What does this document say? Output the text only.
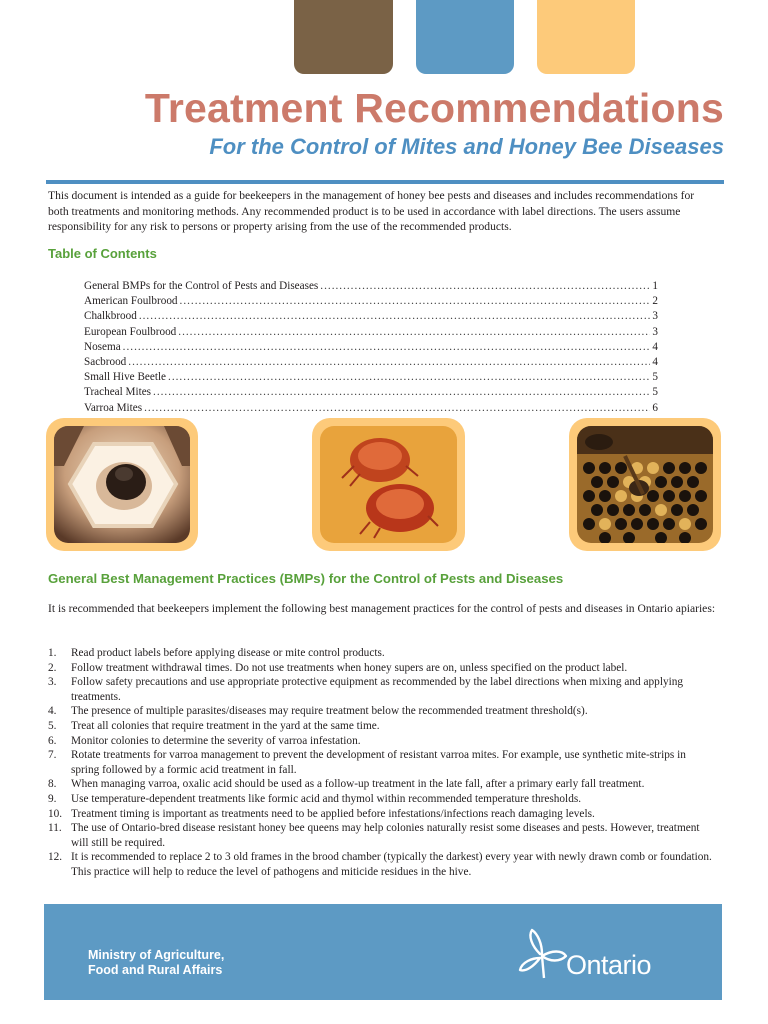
Treatment Recommendations
For the Control of Mites and Honey Bee Diseases

This document is intended as a guide for beekeepers in the management of honey bee pests and diseases and includes recommendations for both treatments and monitoring methods. Any recommended product is to be used in accordance with label directions. The users assume responsibility for any risk to persons or property arising from the use of the recommended products.

Table of Contents
General BMPs for the Control of Pests and Diseases .....	1
American Foulbrood .....	2
Chalkbrood .....	3
European Foulbrood .....	3
Nosema .....	4
Sacbrood .....	4
Small Hive Beetle .....	5
Tracheal Mites .....	5
Varroa Mites .....	6
General Best Management Practices (BMPs) for the Control of Pests and Diseases

It is recommended that beekeepers implement the following best management practices for the control of pests and diseases in Ontario apiaries:

1.	Read product labels before applying disease or mite control products.
2.	Follow treatment withdrawal times. Do not use treatments when honey supers are on, unless specified on the product label.
3.	Follow safety precautions and use appropriate protective equipment as recommended by the label directions when mixing and applying treatments.
4.	The presence of multiple parasites/diseases may require treatment below the recommended treatment threshold(s).
5.	Treat all colonies that require treatment in the yard at the same time.
6.	Monitor colonies to determine the severity of varroa infestation.
7.	Rotate treatments for varroa management to prevent the development of resistant varroa mites. For example, use synthetic mite-strips in spring followed by a formic acid treatment in fall.
8.	When managing varroa, oxalic acid should be used as a follow-up treatment in the late fall, after a primary early fall treatment.
9.	Use temperature-dependent treatments like formic acid and thymol within recommended temperature thresholds.
10. Treatment timing is important as treatments need to be applied before infestations/infections reach damaging levels.
11. The use of Ontario-bred disease resistant honey bee queens may help colonies naturally resist some diseases and pests. However, treatment will still be required.
12. It is recommended to replace 2 to 3 old frames in the brood chamber (typically the darkest) every year with newly drawn comb or foundation. This practice will help to reduce the level of pathogens and miticide residues in the hive.

Ministry of Agriculture,
Food and Rural Affairs	Ontario
